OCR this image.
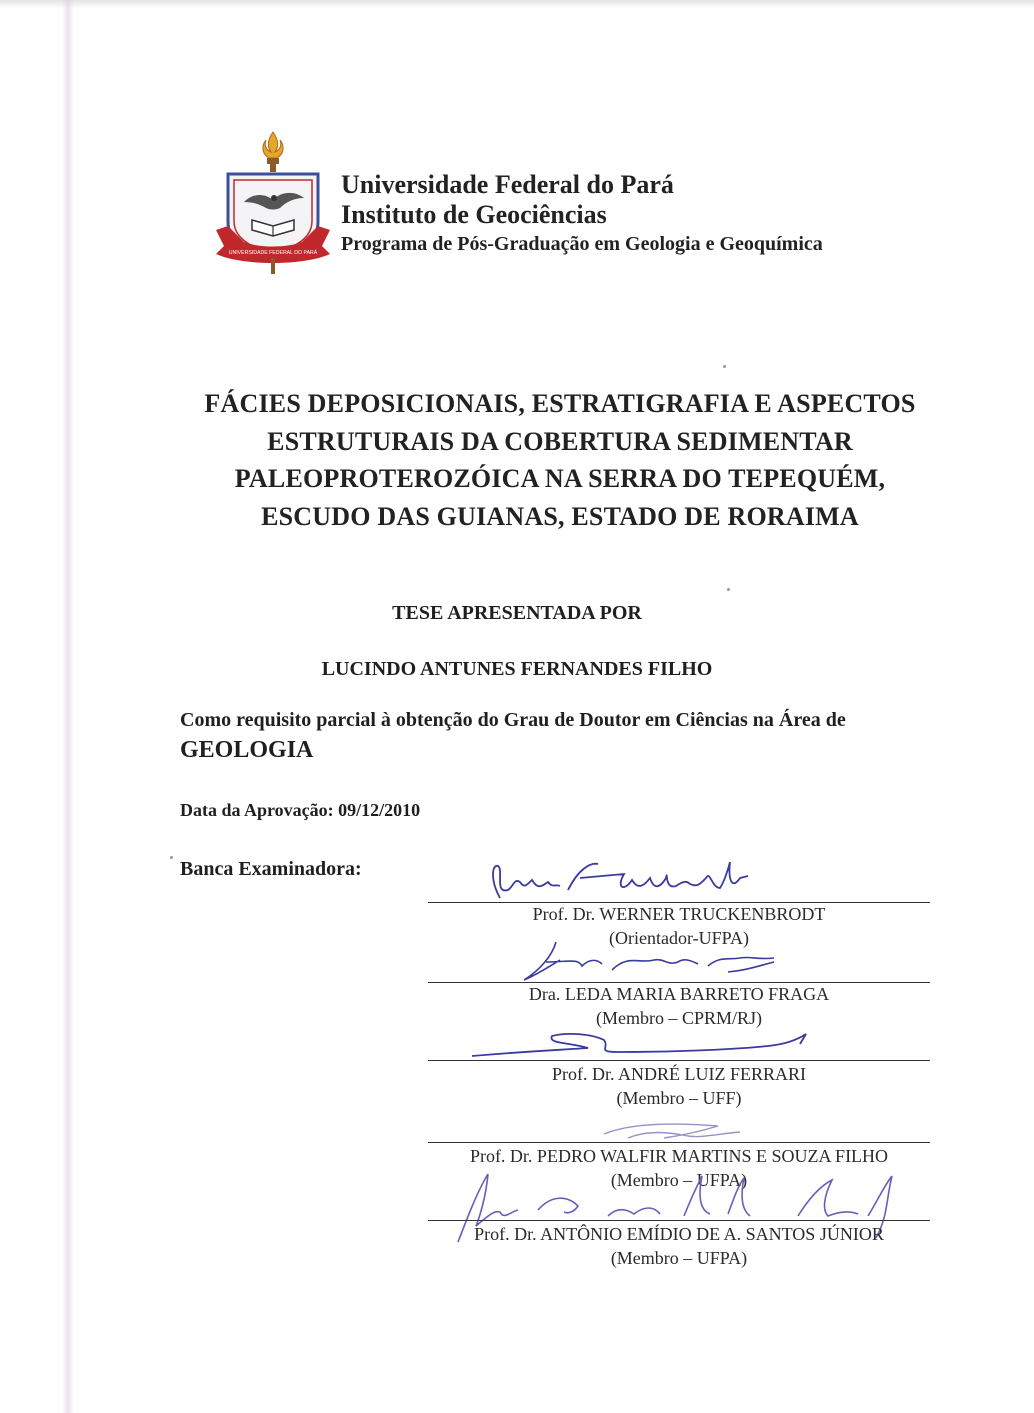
UNIVERSIDADE FEDERAL DO PARÁ
Universidade Federal do Pará
Instituto de Geociências
Programa de Pós-Graduação em Geologia e Geoquímica
FÁCIES DEPOSICIONAIS, ESTRATIGRAFIA E ASPECTOS
ESTRUTURAIS DA COBERTURA SEDIMENTAR
PALEOPROTEROZÓICA NA SERRA DO TEPEQUÉM,
ESCUDO DAS GUIANAS, ESTADO DE RORAIMA
TESE APRESENTADA POR
LUCINDO ANTUNES FERNANDES FILHO
Como requisito parcial à obtenção do Grau de Doutor em Ciências na Área de GEOLOGIA
Data da Aprovação: 09/12/2010
Banca Examinadora:
Prof. Dr. WERNER TRUCKENBRODT
(Orientador-UFPA)
Dra. LEDA MARIA BARRETO FRAGA
(Membro – CPRM/RJ)
Prof. Dr. ANDRÉ LUIZ FERRARI
(Membro – UFF)
Prof. Dr. PEDRO WALFIR MARTINS E SOUZA FILHO
(Membro – UFPA)
Prof. Dr. ANTÔNIO EMÍDIO DE A. SANTOS JÚNIOR
(Membro – UFPA)
